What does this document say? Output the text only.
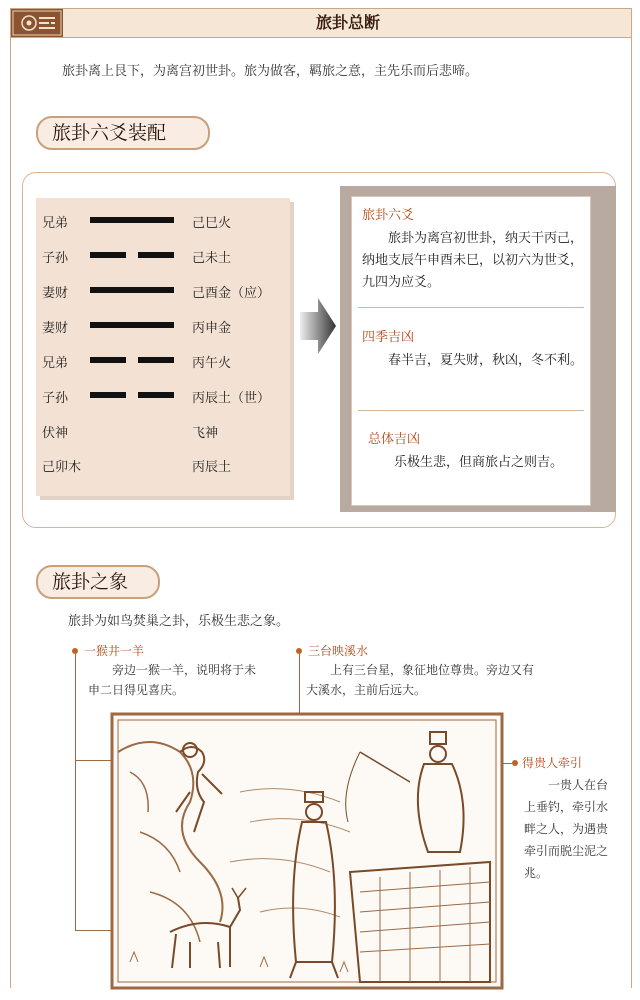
旅卦总断
旅卦离上艮下，为离宫初世卦。旅为做客，羁旅之意，主先乐而后悲啼。
旅卦六爻装配
兄弟	己巳火
子孙	己未土
妻财	己酉金（应）
妻财	丙申金
兄弟	丙午火
子孙	丙辰土（世）
伏神	飞神
己卯木	丙辰土
旅卦六爻
旅卦为离宫初世卦，纳天干丙己，纳地支辰午申酉未巳，以初六为世爻，九四为应爻。
四季吉凶
春半吉，夏失财，秋凶，冬不利。
总体吉凶
乐极生悲，但商旅占之则吉。
旅卦之象
旅卦为如鸟焚巢之卦，乐极生悲之象。
一猴井一羊
旁边一猴一羊，说明将于未申二日得见喜庆。
三台映溪水
上有三台星，象征地位尊贵。旁边又有大溪水，主前后远大。
得贵人牵引
一贵人在台上垂钓，牵引水畔之人，为遇贵牵引而脱尘泥之兆。
